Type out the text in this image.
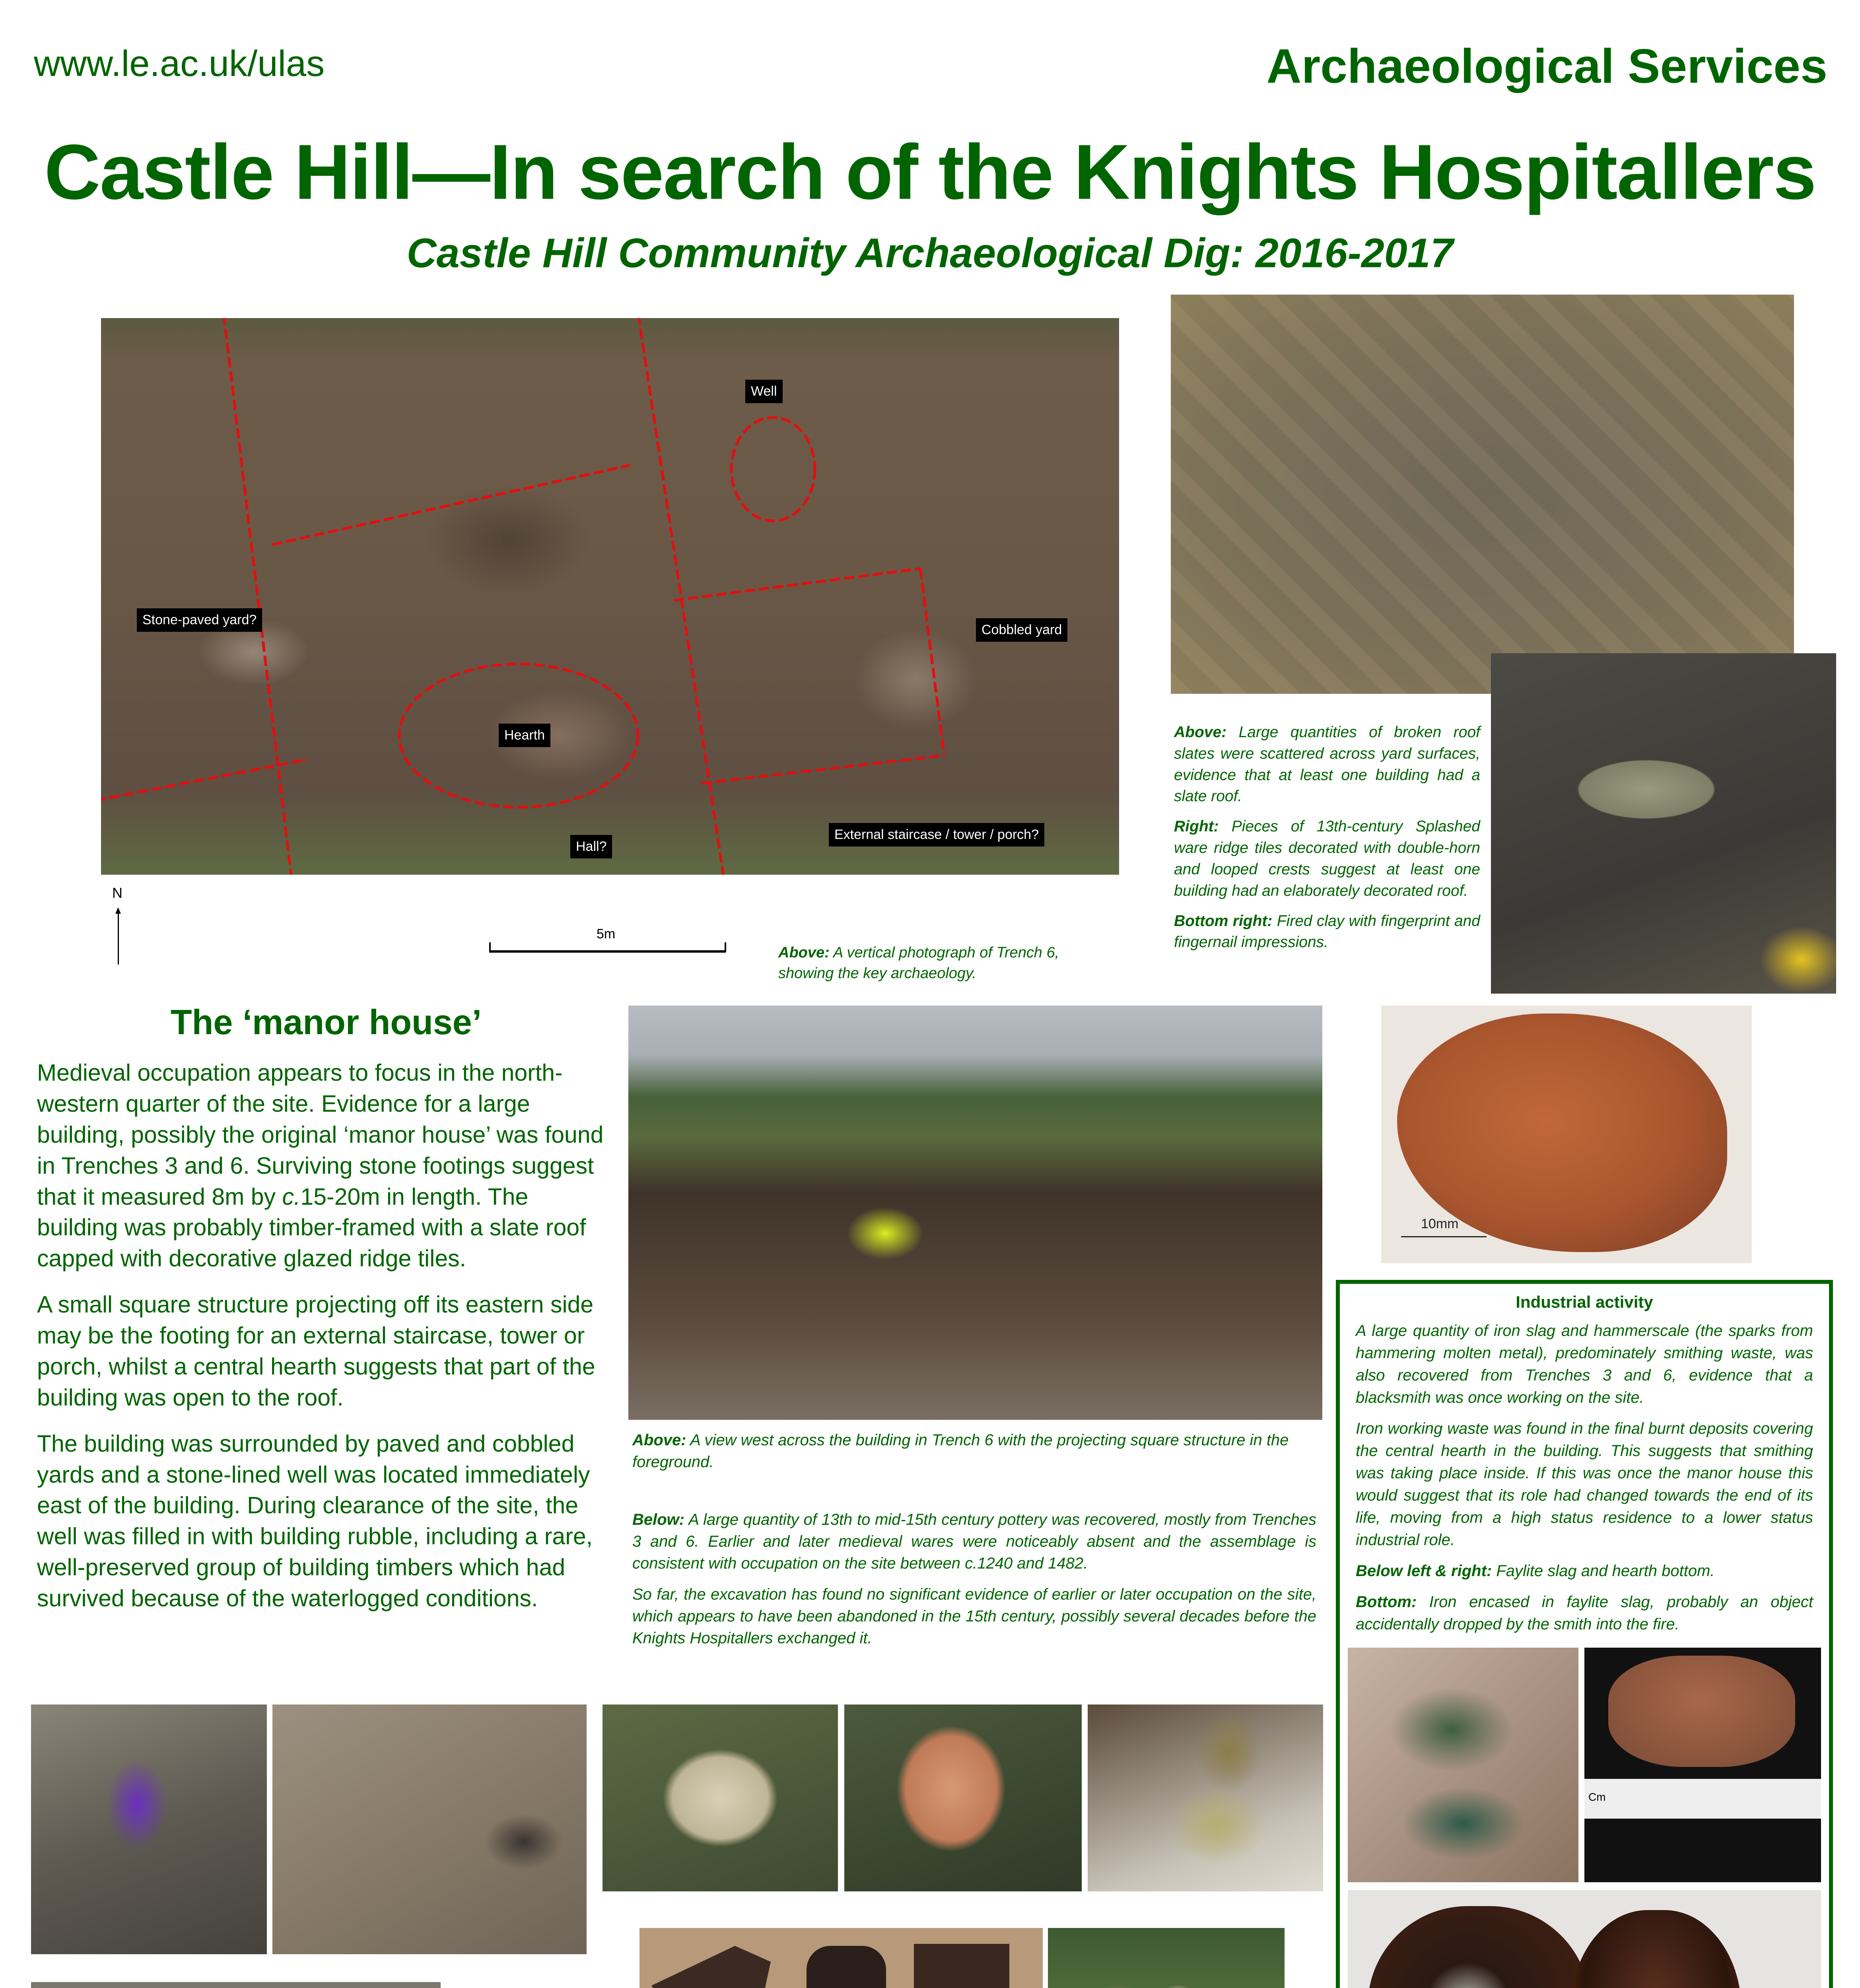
www.le.ac.uk/ulas	Archaeological Services
Castle Hill—In search of the Knights Hospitallers
Castle Hill Community Archaeological Dig: 2016-2017
Well
Stone-paved yard?
Cobbled yard
Hearth
Hall?
External staircase / tower / porch?
N
5m
Above: A vertical photograph of Trench 6, showing the key archaeology.

Above: Large quantities of broken roof slates were scattered across yard surfaces, evidence that at least one building had a slate roof.

Right: Pieces of 13th-century Splashed ware ridge tiles decorated with double-horn and looped crests suggest at least one building had an elaborately decorated roof.

Bottom right: Fired clay with fingerprint and fingernail impressions.

The ‘manor house’

Medieval occupation appears to focus in the north-western quarter of the site. Evidence for a large building, possibly the original ‘manor house’ was found in Trenches 3 and 6. Surviving stone footings suggest that it measured 8m by c.15-20m in length. The building was probably timber-framed with a slate roof capped with decorative glazed ridge tiles.

A small square structure projecting off its eastern side may be the footing for an external staircase, tower or porch, whilst a central hearth suggests that part of the building was open to the roof.

The building was surrounded by paved and cobbled yards and a stone-lined well was located immediately east of the building. During clearance of the site, the well was filled in with building rubble, including a rare, well-preserved group of building timbers which had survived because of the waterlogged conditions.

Above: A view west across the building in Trench 6 with the projecting square structure in the foreground.

Below: A large quantity of 13th to mid-15th century pottery was recovered, mostly from Trenches 3 and 6. Earlier and later medieval wares were noticeably absent and the assemblage is consistent with occupation on the site between c.1240 and 1482.

So far, the excavation has found no significant evidence of earlier or later occupation on the site, which appears to have been abandoned in the 15th century, possibly several decades before the Knights Hospitallers exchanged it.

10mm
Industrial activity

A large quantity of iron slag and hammerscale (the sparks from hammering molten metal), predominately smithing waste, was also recovered from Trenches 3 and 6, evidence that a blacksmith was once working on the site.

Iron working waste was found in the final burnt deposits covering the central hearth in the building. This suggests that smithing was taking place inside. If this was once the manor house this would suggest that its role had changed towards the end of its life, moving from a high status residence to a lower status industrial role.

Below left & right: Faylite slag and hearth bottom.

Bottom: Iron encased in faylite slag, probably an object accidentally dropped by the smith into the fire.

Cm
